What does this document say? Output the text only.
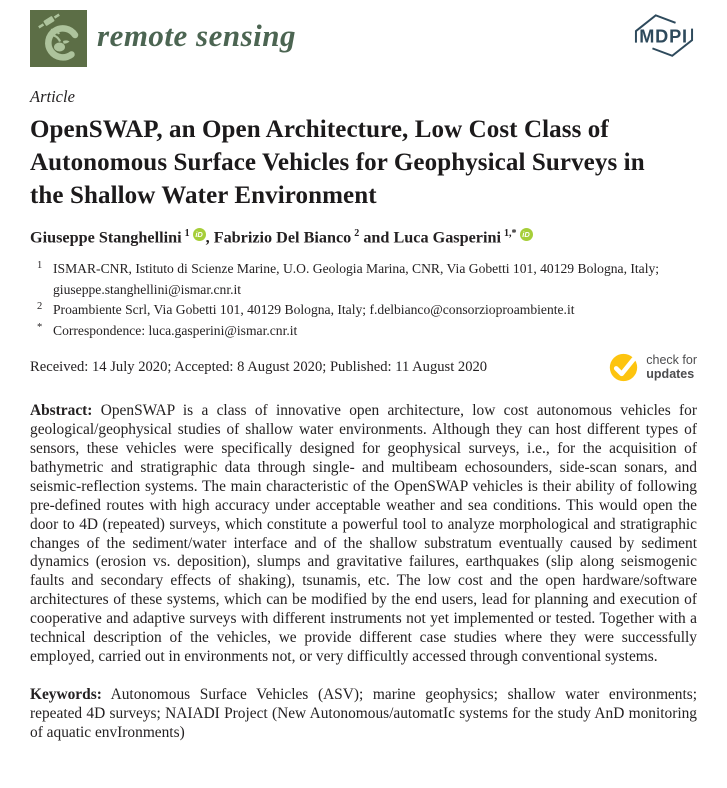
remote sensing	MDPI
Article
OpenSWAP, an Open Architecture, Low Cost Class of Autonomous Surface Vehicles for Geophysical Surveys in the Shallow Water Environment
Giuseppe Stanghellini $^1$ iD , Fabrizio Del Bianco $^2$ and Luca Gasperini $^{1,*}$ iD
1 ISMAR-CNR, Istituto di Scienze Marine, U.O. Geologia Marina, CNR, Via Gobetti 101, 40129 Bologna, Italy; giuseppe.stanghellini@ismar.cnr.it
2 Proambiente Scrl, Via Gobetti 101, 40129 Bologna, Italy; f.delbianco@consorzioproambiente.it
* Correspondence: luca.gasperini@ismar.cnr.it
Received: 14 July 2020; Accepted: 8 August 2020; Published: 11 August 2020	check for
updates

Abstract: OpenSWAP is a class of innovative open architecture, low cost autonomous vehicles for geological/geophysical studies of shallow water environments. Although they can host different types of sensors, these vehicles were specifically designed for geophysical surveys, i.e., for the acquisition of bathymetric and stratigraphic data through single- and multibeam echosounders, side-scan sonars, and seismic-reflection systems. The main characteristic of the OpenSWAP vehicles is their ability of following pre-defined routes with high accuracy under acceptable weather and sea conditions. This would open the door to 4D (repeated) surveys, which constitute a powerful tool to analyze morphological and stratigraphic changes of the sediment/water interface and of the shallow substratum eventually caused by sediment dynamics (erosion vs. deposition), slumps and gravitative failures, earthquakes (slip along seismogenic faults and secondary effects of shaking), tsunamis, etc. The low cost and the open hardware/software architectures of these systems, which can be modified by the end users, lead for planning and execution of cooperative and adaptive surveys with different instruments not yet implemented or tested. Together with a technical description of the vehicles, we provide different case studies where they were successfully employed, carried out in environments not, or very difficultly accessed through conventional systems.

Keywords: Autonomous Surface Vehicles (ASV); marine geophysics; shallow water environments; repeated 4D surveys; NAIADI Project (New Autonomous/automatIc systems for the study AnD monitoring of aquatic envIronments)
